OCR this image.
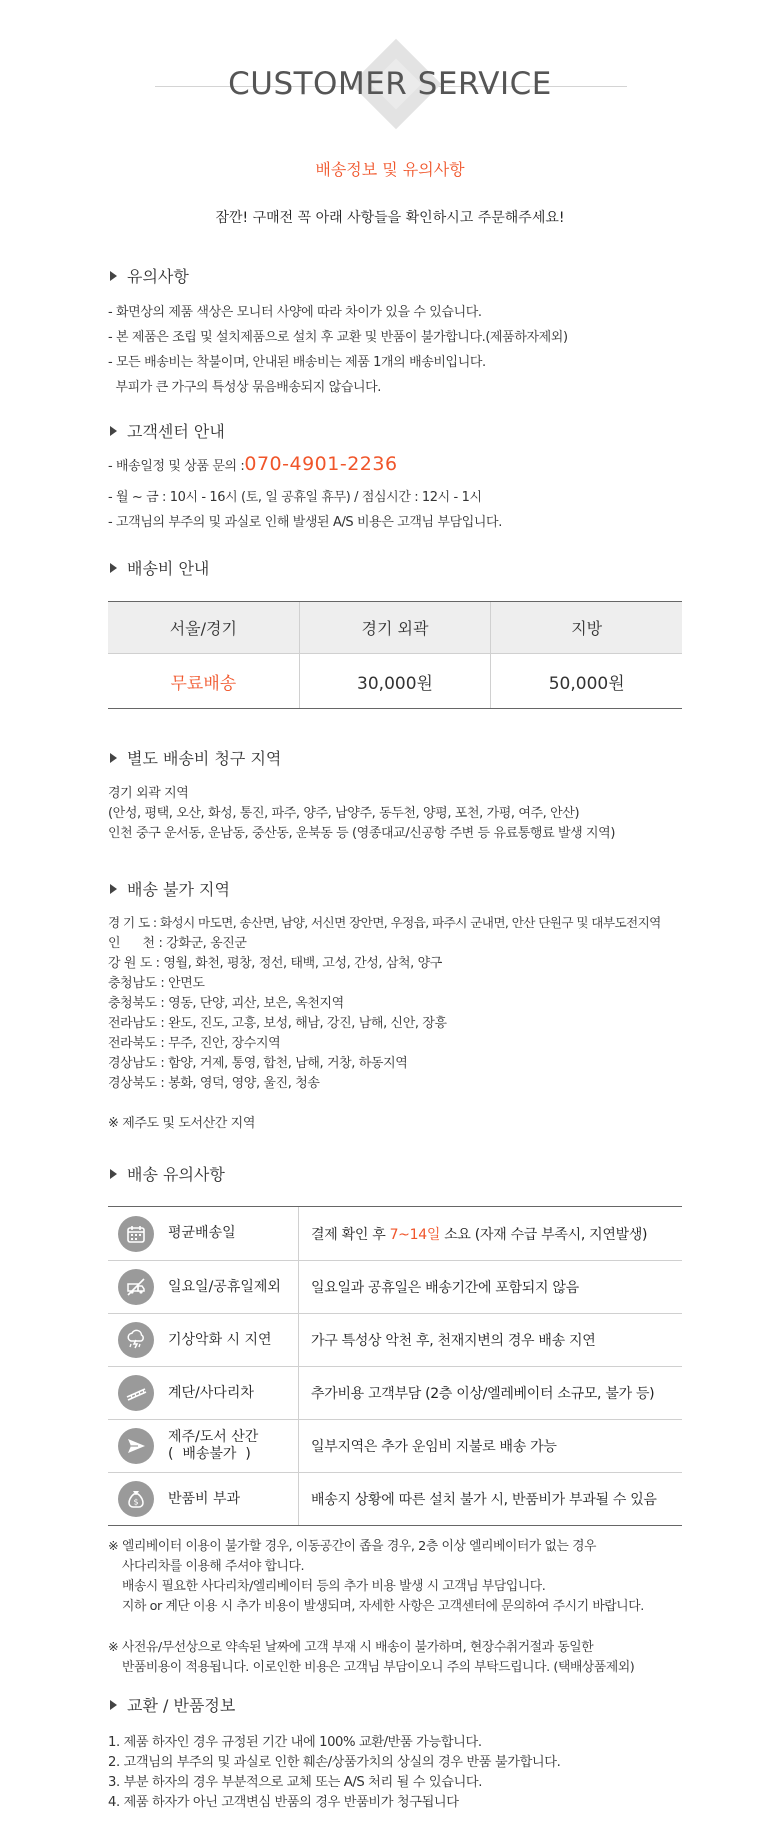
CUSTOMER SERVICE
배송정보 및 유의사항
잠깐! 구매전 꼭 아래 사항들을 확인하시고 주문해주세요!
유의사항
- 화면상의 제품 색상은 모니터 사양에 따라 차이가 있을 수 있습니다.
- 본 제품은 조립 및 설치제품으로 설치 후 교환 및 반품이 불가합니다.(제품하자제외)
- 모든 배송비는 착불이며, 안내된 배송비는 제품 1개의 배송비입니다.
부피가 큰 가구의 특성상 묶음배송되지 않습니다.
고객센터 안내
- 배송일정 및 상품 문의 : 070-4901-2236
- 월 ~ 금 : 10시 - 16시 (토, 일 공휴일 휴무) / 점심시간 : 12시 - 1시
- 고객님의 부주의 및 과실로 인해 발생된 A/S 비용은 고객님 부담입니다.
배송비 안내
서울/경기	경기 외곽	지방
무료배송	30,000원	50,000원
별도 배송비 청구 지역
경기 외곽 지역
(안성, 평택, 오산, 화성, 통진, 파주, 양주, 남양주, 동두천, 양평, 포천, 가평, 여주, 안산)
인천 중구 운서동, 운남동, 중산동, 운북동 등 (영종대교/신공항 주변 등 유료통행료 발생 지역)
배송 불가 지역
경 기 도 : 화성시 마도면, 송산면, 남양, 서신면 장안면, 우정읍, 파주시 군내면, 안산 단원구 및 대부도전지역
인      천 : 강화군, 옹진군
강 원 도 : 영월, 화천, 평창, 정선, 태백, 고성, 간성, 삼척, 양구
충청남도 : 안면도
충청북도 : 영동, 단양, 괴산, 보은, 옥천지역
전라남도 : 완도, 진도, 고흥, 보성, 해남, 강진, 남해, 신안, 장흥
전라북도 : 무주, 진안, 장수지역
경상남도 : 함양, 거제, 통영, 합천, 남해, 거창, 하동지역
경상북도 : 봉화, 영덕, 영양, 울진, 청송
※ 제주도 및 도서산간 지역
배송 유의사항
평균배송일	결제 확인 후 7~14일 소요 (자재 수급 부족시, 지연발생)
일요일/공휴일제외	일요일과 공휴일은 배송기간에 포함되지 않음
기상악화 시 지연	가구 특성상 악천 후, 천재지변의 경우 배송 지연
계단/사다리차	추가비용 고객부담 (2층 이상/엘레베이터 소규모, 불가 등)
제주/도서 산간
(  배송불가  )	일부지역은 추가 운임비 지불로 배송 가능
$ 반품비 부과	배송지 상황에 따른 설치 불가 시, 반품비가 부과될 수 있음
※ 엘리베이터 이용이 불가할 경우, 이동공간이 좁을 경우, 2층 이상 엘리베이터가 없는 경우
사다리차를 이용해 주셔야 합니다.
배송시 필요한 사다리차/엘리베이터 등의 추가 비용 발생 시 고객님 부담입니다.
지하 or 계단 이용 시 추가 비용이 발생되며, 자세한 사항은 고객센터에 문의하여 주시기 바랍니다.
※ 사전유/무선상으로 약속된 날짜에 고객 부재 시 배송이 불가하며, 현장수취거절과 동일한
반품비용이 적용됩니다. 이로인한 비용은 고객님 부담이오니 주의 부탁드립니다. (택배상품제외)
교환 / 반품정보
1. 제품 하자인 경우 규정된 기간 내에 100% 교환/반품 가능합니다.
2. 고객님의 부주의 및 과실로 인한 훼손/상품가치의 상실의 경우 반품 불가합니다.
3. 부분 하자의 경우 부분적으로 교체 또는 A/S 처리 될 수 있습니다.
4. 제품 하자가 아닌 고객변심 반품의 경우 반품비가 청구됩니다
